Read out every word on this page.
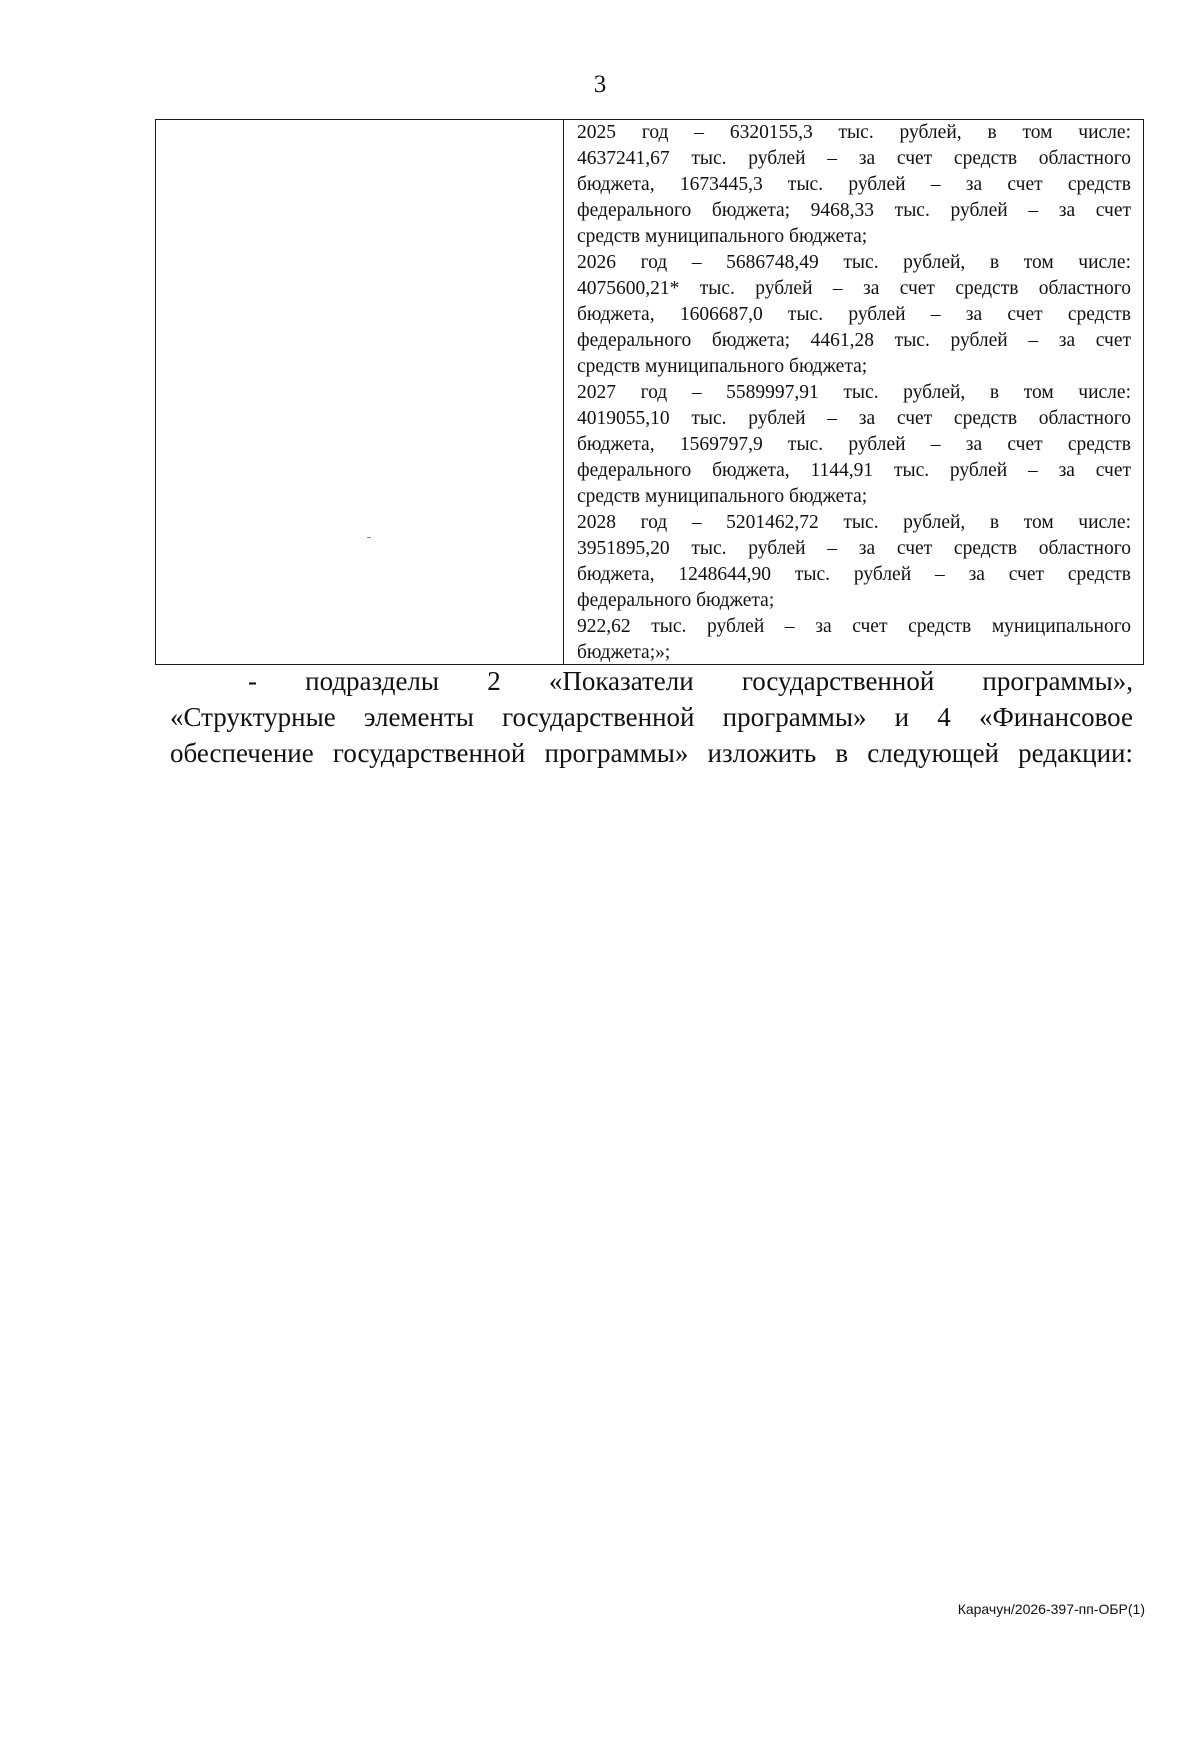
3

2025 год – 6320155,3 тыс. рублей, в том числе:
4637241,67 тыс. рублей – за счет средств областного
бюджета, 1673445,3 тыс. рублей – за счет средств
федерального бюджета; 9468,33 тыс. рублей – за счет
средств муниципального бюджета;

2026 год – 5686748,49 тыс. рублей, в том числе:
4075600,21* тыс. рублей – за счет средств областного
бюджета, 1606687,0 тыс. рублей – за счет средств
федерального бюджета; 4461,28 тыс. рублей – за счет
средств муниципального бюджета;

2027 год – 5589997,91 тыс. рублей, в том числе:
4019055,10 тыс. рублей – за счет средств областного
бюджета, 1569797,9 тыс. рублей – за счет средств
федерального бюджета, 1144,91 тыс. рублей – за счет
средств муниципального бюджета;

2028 год – 5201462,72 тыс. рублей, в том числе:
3951895,20 тыс. рублей – за счет средств областного
бюджета, 1248644,90 тыс. рублей – за счет средств
федерального бюджета;
922,62 тыс. рублей – за счет средств муниципального
бюджета;»;

- подразделы 2 «Показатели государственной программы»,
«Структурные элементы государственной программы» и 4 «Финансовое
обеспечение государственной программы» изложить в следующей редакции:
Карачун/2026-397-пп-ОБР(1)
